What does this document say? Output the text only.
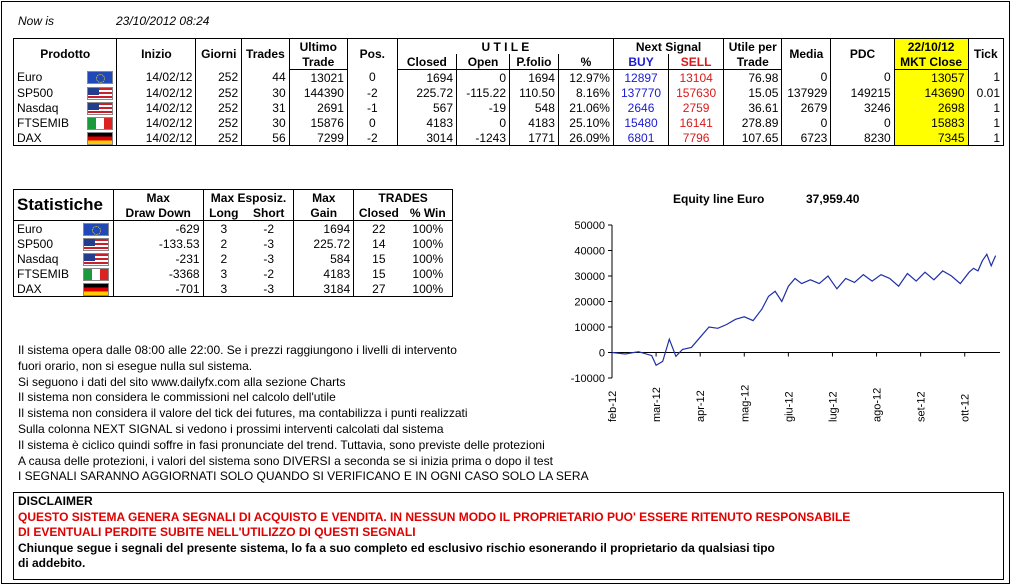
Now is	23/10/2012 08:24
Prodotto		Inizio	Giorni	Trades	Ultimo	Pos.	U T I L E				Next Signal		Utile per	Media	PDC	22/10/12	Tick
					Trade		Closed	Open	P.folio	%	BUY	SELL	Trade			MKT Close	
Euro		14/02/12	252	44	13021	0	1694	0	1694	12.97%	12897	13104	76.98	0	0	13057	1
SP500		14/02/12	252	30	144390	-2	225.72	-115.22	110.50	8.16%	137770	157630	15.05	137929	149215	143690	0.01
Nasdaq		14/02/12	252	31	2691	-1	567	-19	548	21.06%	2646	2759	36.61	2679	3246	2698	1
FTSEMIB		14/02/12	252	30	15876	0	4183	0	4183	25.10%	15480	16141	278.89	0	0	15883	1
DAX		14/02/12	252	56	7299	-2	3014	-1243	1771	26.09%	6801	7796	107.65	6723	8230	7345	1
Statistiche		Max	Max Esposiz.		Max	TRADES	
		Draw Down	Long	Short	Gain	Closed	% Win
Euro		-629	3	-2	1694	22	100%
SP500		-133.53	2	-3	225.72	14	100%
Nasdaq		-231	2	-3	584	15	100%
FTSEMIB		-3368	3	-2	4183	15	100%
DAX		-701	3	-3	3184	27	100%
Equity line Euro	37,959.40
-10000
0
10000
20000
30000
40000
50000
feb-12	mar-12	apr-12	mag-12	giu-12	lug-12	ago-12	set-12	ott-12
Il sistema opera dalle 08:00 alle 22:00. Se i prezzi raggiungono i livelli di intervento
fuori orario, non si esegue nulla sul sistema.
Si seguono i dati del sito www.dailyfx.com alla sezione Charts
Il sistema non considera le commissioni nel calcolo dell'utile
Il sistema non considera il valore del tick dei futures, ma contabilizza i punti realizzati
Sulla colonna NEXT SIGNAL si vedono i prossimi interventi calcolati dal sistema
Il sistema è ciclico quindi soffre in fasi pronunciate del trend. Tuttavia, sono previste delle protezioni
A causa delle protezioni, i valori del sistema sono DIVERSI a seconda se si inizia prima o dopo il test
I SEGNALI SARANNO AGGIORNATI SOLO QUANDO SI VERIFICANO E IN OGNI CASO SOLO LA SERA
DISCLAIMER
QUESTO SISTEMA GENERA SEGNALI DI ACQUISTO E VENDITA. IN NESSUN MODO IL PROPRIETARIO PUO' ESSERE RITENUTO RESPONSABILE
DI EVENTUALI PERDITE SUBITE NELL'UTILIZZO DI QUESTI SEGNALI
Chiunque segue i segnali del presente sistema, lo fa a suo completo ed esclusivo rischio esonerando il proprietario da qualsiasi tipo
di addebito.
